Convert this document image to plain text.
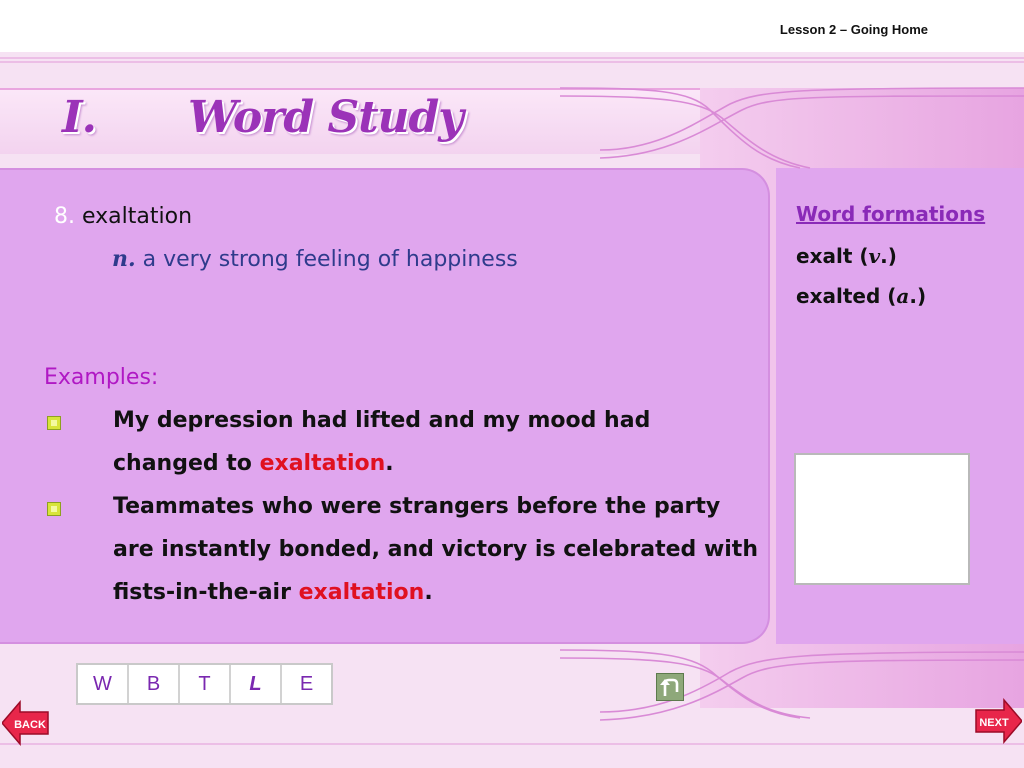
Lesson 2 – Going Home
I. Word Study
8. exaltation
n. a very strong feeling of happiness
Examples:
My depression had lifted and my mood had changed to exaltation.
Teammates who were strangers before the party are instantly bonded, and victory is celebrated with fists-in-the-air exaltation.
Word formations
exalt (v.)
exalted (a.)
W	B	T	L	E
BACK	NEXT
